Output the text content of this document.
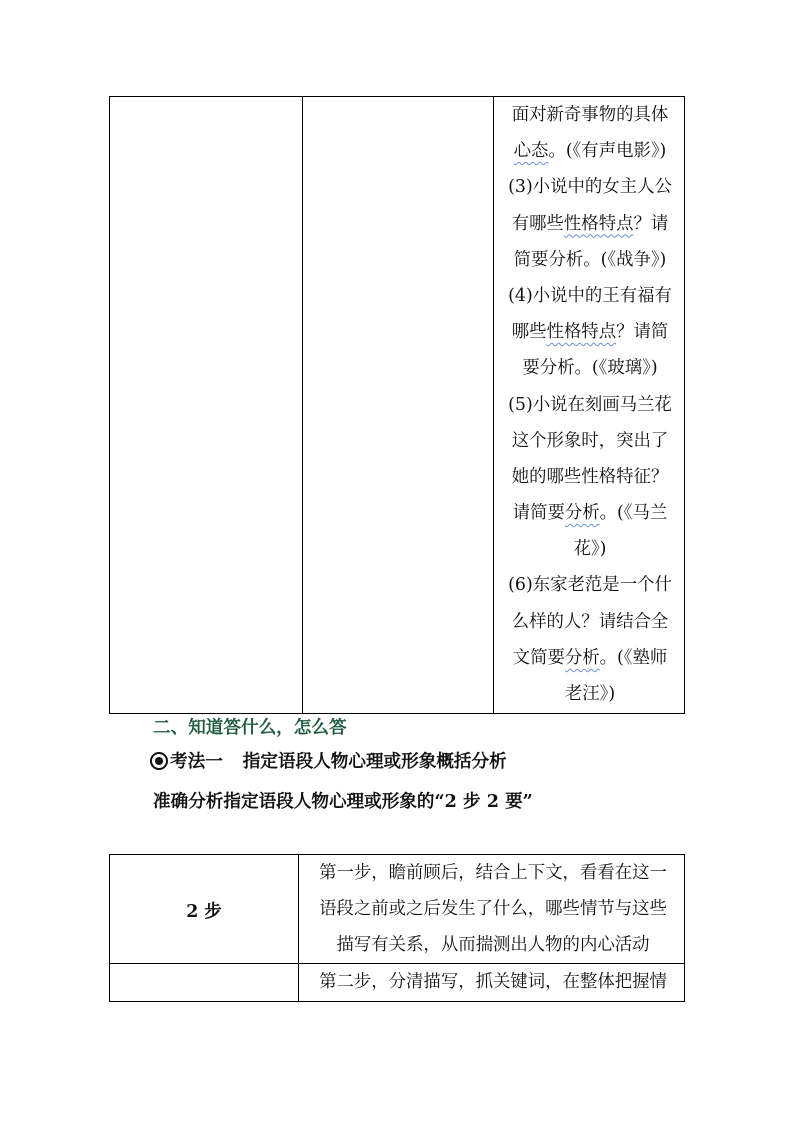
面对新奇事物的具体
心态。(《有声电影》)
(3)小说中的女主人公
有哪些性格特点？请
简要分析。(《战争》)
(4)小说中的王有福有
哪些性格特点？请简
要分析。(《玻璃》)
(5)小说在刻画马兰花
这个形象时，突出了
她的哪些性格特征？
请简要分析。(《马兰
花》)
(6)东家老范是一个什
么样的人？请结合全
文简要分析。(《塾师
老汪》)
二、知道答什么，怎么答
考法一 指定语段人物心理或形象概括分析
准确分析指定语段人物心理或形象的“2 步 2 要”
2 步
第一步，瞻前顾后，结合上下文，看看在这一
语段之前或之后发生了什么，哪些情节与这些
描写有关系，从而揣测出人物的内心活动
第二步，分清描写，抓关键词，在整体把握情
